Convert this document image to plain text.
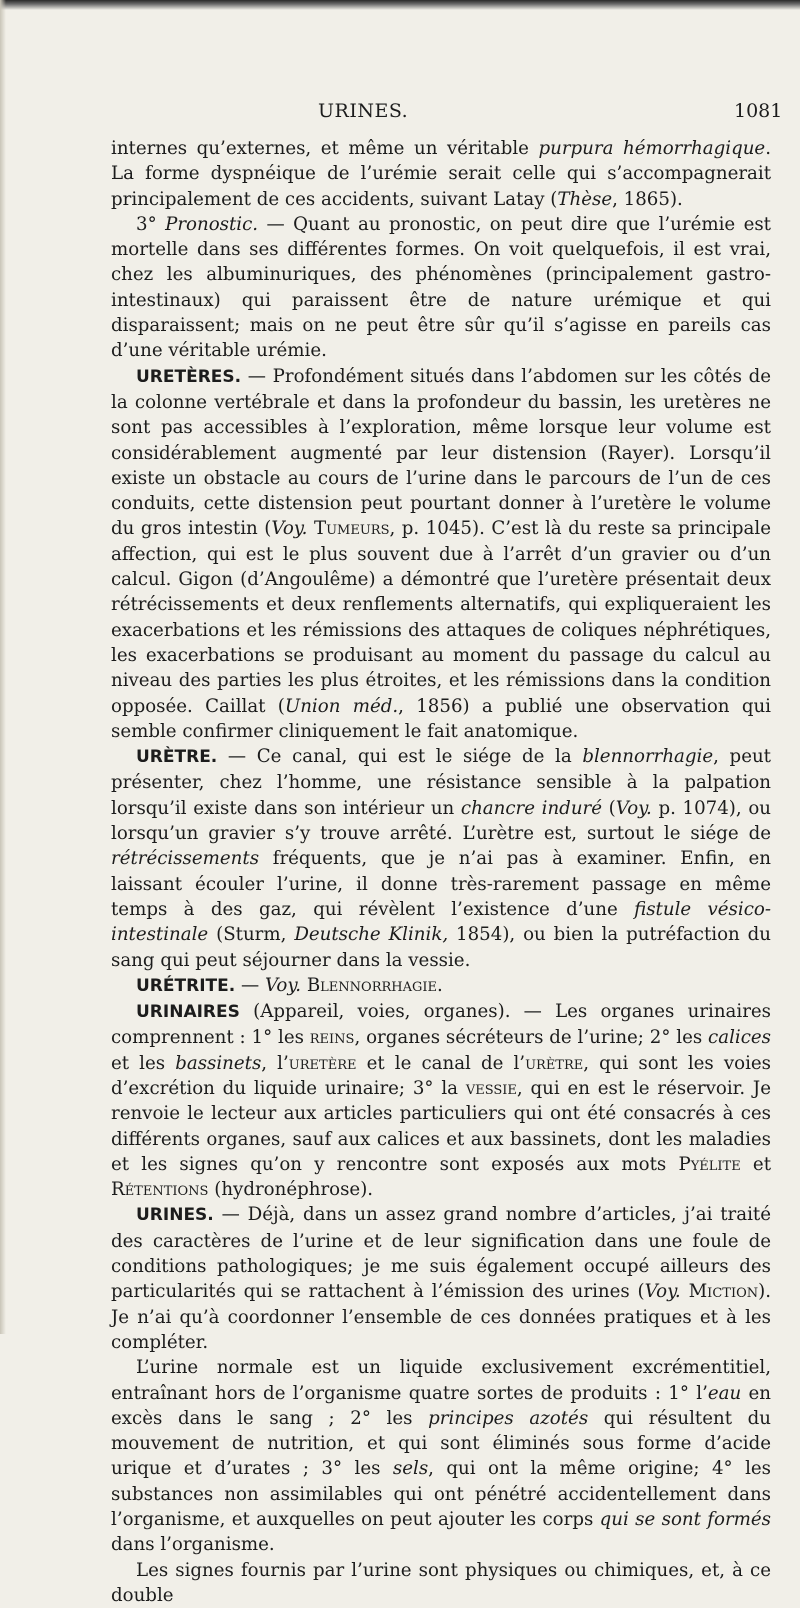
URINES.	1081

internes qu’externes, et même un véritable purpura hémorrhagique. La forme dyspnéique de l’urémie serait celle qui s’accompagnerait principalement de ces accidents, suivant Latay (Thèse, 1865).

3° Pronostic. — Quant au pronostic, on peut dire que l’urémie est mortelle dans ses différentes formes. On voit quelquefois, il est vrai, chez les albuminuriques, des phénomènes (principalement gastro-intestinaux) qui paraissent être de nature urémique et qui disparaissent; mais on ne peut être sûr qu’il s’agisse en pareils cas d’une véritable urémie.

URETÈRES. — Profondément situés dans l’abdomen sur les côtés de la colonne vertébrale et dans la profondeur du bassin, les uretères ne sont pas accessibles à l’exploration, même lorsque leur volume est considérablement augmenté par leur distension (Rayer). Lorsqu’il existe un obstacle au cours de l’urine dans le parcours de l’un de ces conduits, cette distension peut pourtant donner à l’uretère le volume du gros intestin (Voy. Tumeurs, p. 1045). C’est là du reste sa principale affection, qui est le plus souvent due à l’arrêt d’un gravier ou d’un calcul. Gigon (d’Angoulême) a démontré que l’uretère présentait deux rétrécissements et deux renflements alternatifs, qui expliqueraient les exacerbations et les rémissions des attaques de coliques néphrétiques, les exacerbations se produisant au moment du passage du calcul au niveau des parties les plus étroites, et les rémissions dans la condition opposée. Caillat (Union méd., 1856) a publié une observation qui semble confirmer cliniquement le fait anatomique.

URÈTRE. — Ce canal, qui est le siége de la blennorrhagie, peut présenter, chez l’homme, une résistance sensible à la palpation lorsqu’il existe dans son intérieur un chancre induré (Voy. p. 1074), ou lorsqu’un gravier s’y trouve arrêté. L’urètre est, surtout le siége de rétrécissements fréquents, que je n’ai pas à examiner. Enfin, en laissant écouler l’urine, il donne très-rarement passage en même temps à des gaz, qui révèlent l’existence d’une fistule vésico-intestinale (Sturm, Deutsche Klinik, 1854), ou bien la putréfaction du sang qui peut séjourner dans la vessie.

URÉTRITE. — Voy. Blennorrhagie.

URINAIRES (Appareil, voies, organes). — Les organes urinaires comprennent : 1° les reins, organes sécréteurs de l’urine; 2° les calices et les bassinets, l’uretère et le canal de l’urètre, qui sont les voies d’excrétion du liquide urinaire; 3° la vessie, qui en est le réservoir. Je renvoie le lecteur aux articles particuliers qui ont été consacrés à ces différents organes, sauf aux calices et aux bassinets, dont les maladies et les signes qu’on y rencontre sont exposés aux mots Pyélite et Rétentions (hydronéphrose).

URINES. — Déjà, dans un assez grand nombre d’articles, j’ai traité des caractères de l’urine et de leur signification dans une foule de conditions pathologiques; je me suis également occupé ailleurs des particularités qui se rattachent à l’émission des urines (Voy. Miction). Je n’ai qu’à coordonner l’ensemble de ces données pratiques et à les compléter.

L’urine normale est un liquide exclusivement excrémentitiel, entraînant hors de l’organisme quatre sortes de produits : 1° l’eau en excès dans le sang ; 2° les principes azotés qui résultent du mouvement de nutrition, et qui sont éliminés sous forme d’acide urique et d’urates ; 3° les sels, qui ont la même origine; 4° les substances non assimilables qui ont pénétré accidentellement dans l’organisme, et auxquelles on peut ajouter les corps qui se sont formés dans l’organisme.

Les signes fournis par l’urine sont physiques ou chimiques, et, à ce double
